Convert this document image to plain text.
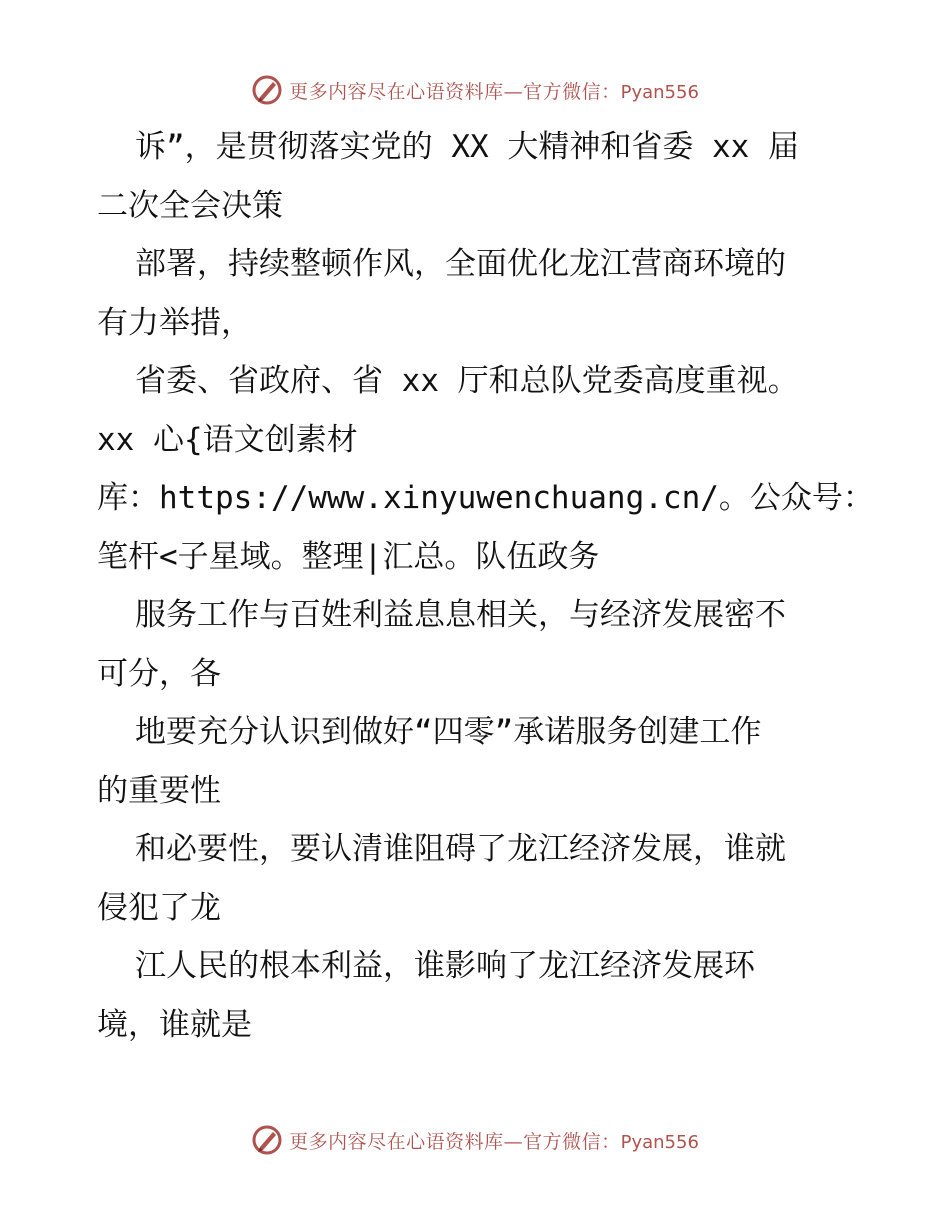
更多内容尽在心语资料库—官方微信：Pyan556
诉”，是贯彻落实党的 XX 大精神和省委 xx 届
二次全会决策
部署，持续整顿作风，全面优化龙江营商环境的
有力举措，
省委、省政府、省 xx 厅和总队党委高度重视。
xx 心{语文创素材
库：https://www.xinyuwenchuang.cn/。公众号：
笔杆<子星域。整理|汇总。队伍政务
服务工作与百姓利益息息相关，与经济发展密不
可分，各
地要充分认识到做好“四零”承诺服务创建工作
的重要性
和必要性，要认清谁阻碍了龙江经济发展，谁就
侵犯了龙
江人民的根本利益，谁影响了龙江经济发展环
境，谁就是
更多内容尽在心语资料库—官方微信：Pyan556
